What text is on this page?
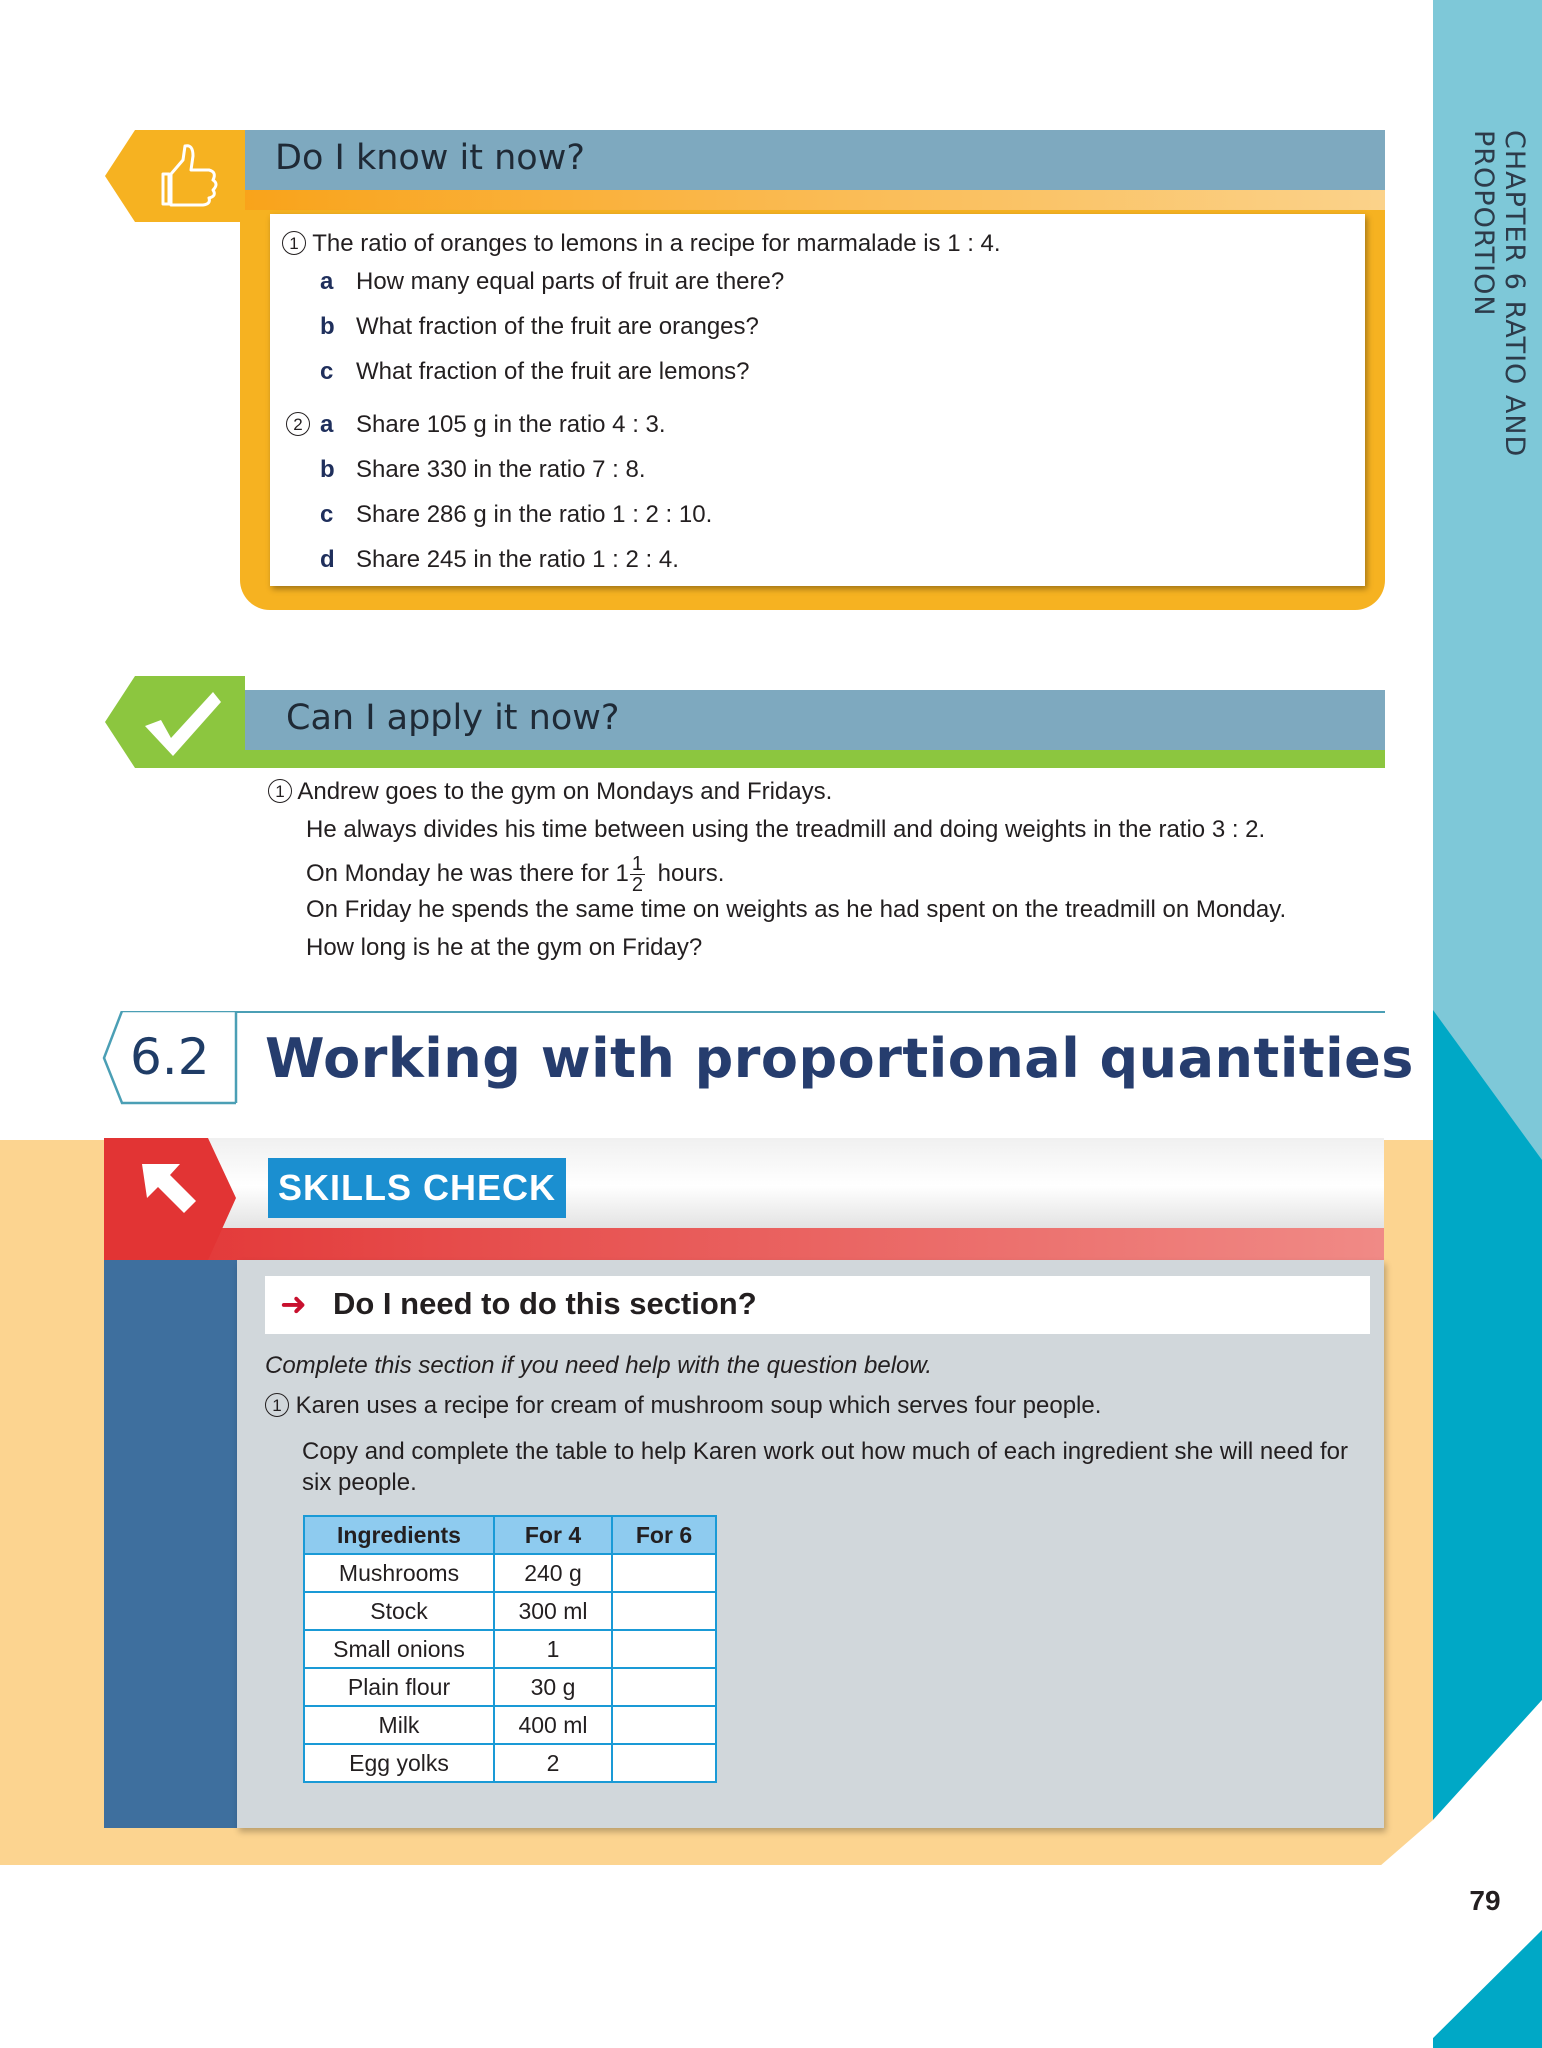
CHAPTER 6 RATIO AND PROPORTION
79
Do I know it now?
1 The ratio of oranges to lemons in a recipe for marmalade is 1 : 4.
a How many equal parts of fruit are there?
b What fraction of the fruit are oranges?
c What fraction of the fruit are lemons?
2 a Share 105 g in the ratio 4 : 3.
b Share 330 in the ratio 7 : 8.
c Share 286 g in the ratio 1 : 2 : 10.
d Share 245 in the ratio 1 : 2 : 4.
Can I apply it now?
1 Andrew goes to the gym on Mondays and Fridays.
He always divides his time between using the treadmill and doing weights in the ratio 3 : 2.
On Monday he was there for $1 \frac{1}{2}$ hours.
On Friday he spends the same time on weights as he had spent on the treadmill on Monday.
How long is he at the gym on Friday?
6.2 Working with proportional quantities
SKILLS CHECK
➜ Do I need to do this section?
Complete this section if you need help with the question below.
1 Karen uses a recipe for cream of mushroom soup which serves four people.
Copy and complete the table to help Karen work out how much of each ingredient she will need for six people.
Ingredients	For 4	For 6
Mushrooms	240 g	
Stock	300 ml	
Small onions	1	
Plain flour	30 g	
Milk	400 ml	
Egg yolks	2	
